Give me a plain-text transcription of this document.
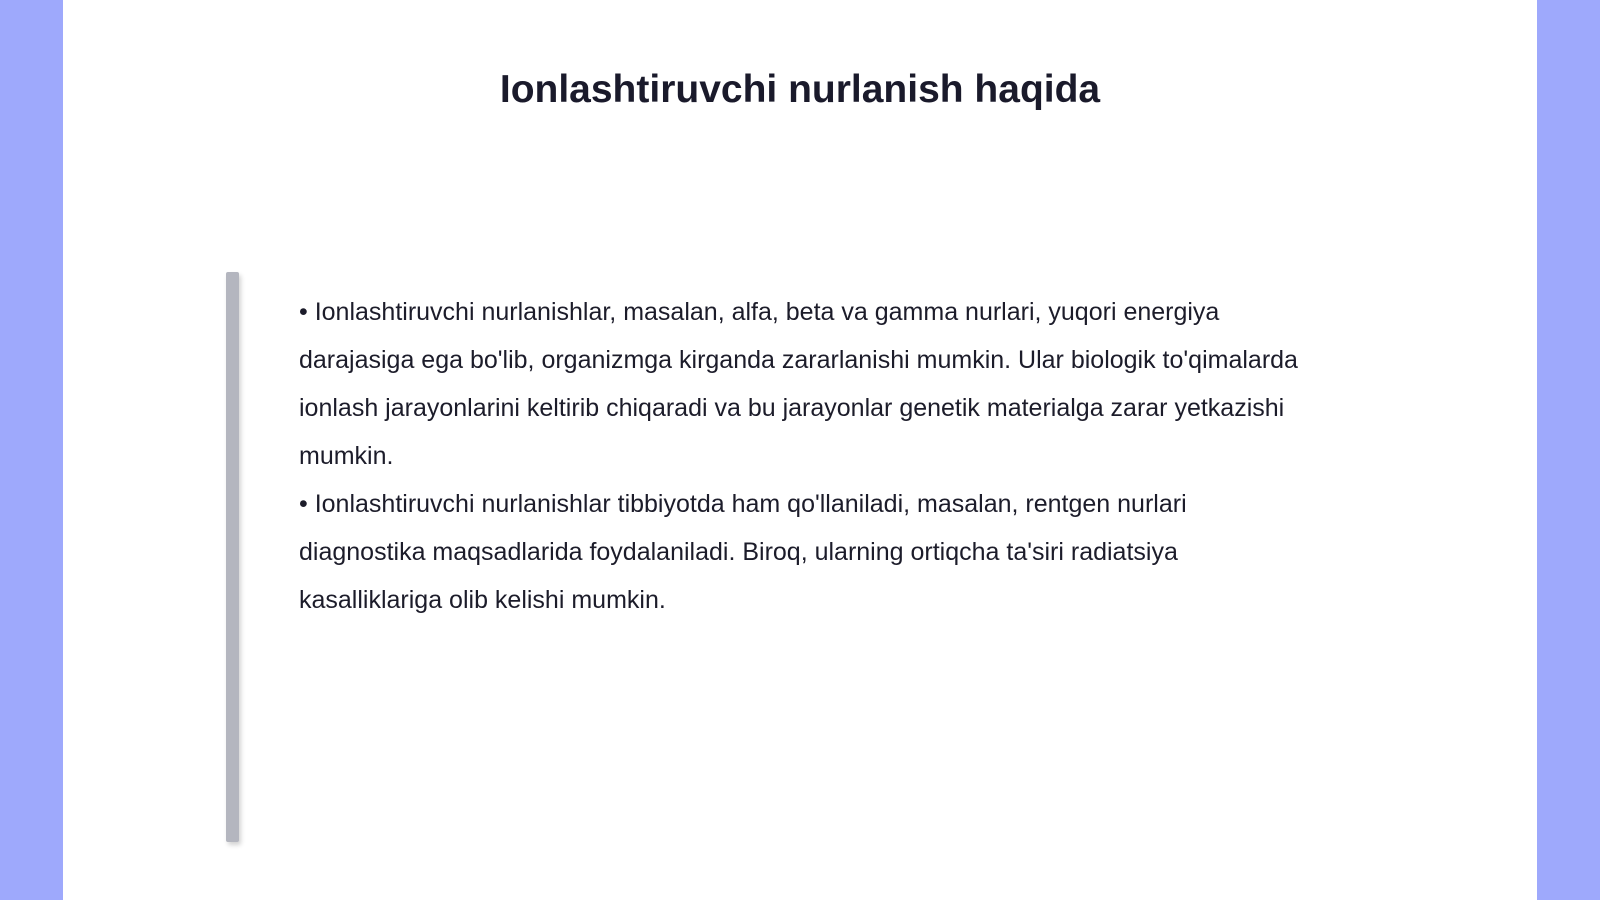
Ionlashtiruvchi nurlanish haqida

• Ionlashtiruvchi nurlanishlar, masalan, alfa, beta va gamma nurlari, yuqori energiya darajasiga ega bo'lib, organizmga kirganda zararlanishi mumkin. Ular biologik to'qimalarda ionlash jarayonlarini keltirib chiqaradi va bu jarayonlar genetik materialga zarar yetkazishi mumkin.

• Ionlashtiruvchi nurlanishlar tibbiyotda ham qo'llaniladi, masalan, rentgen nurlari diagnostika maqsadlarida foydalaniladi. Biroq, ularning ortiqcha ta'siri radiatsiya kasalliklariga olib kelishi mumkin.
